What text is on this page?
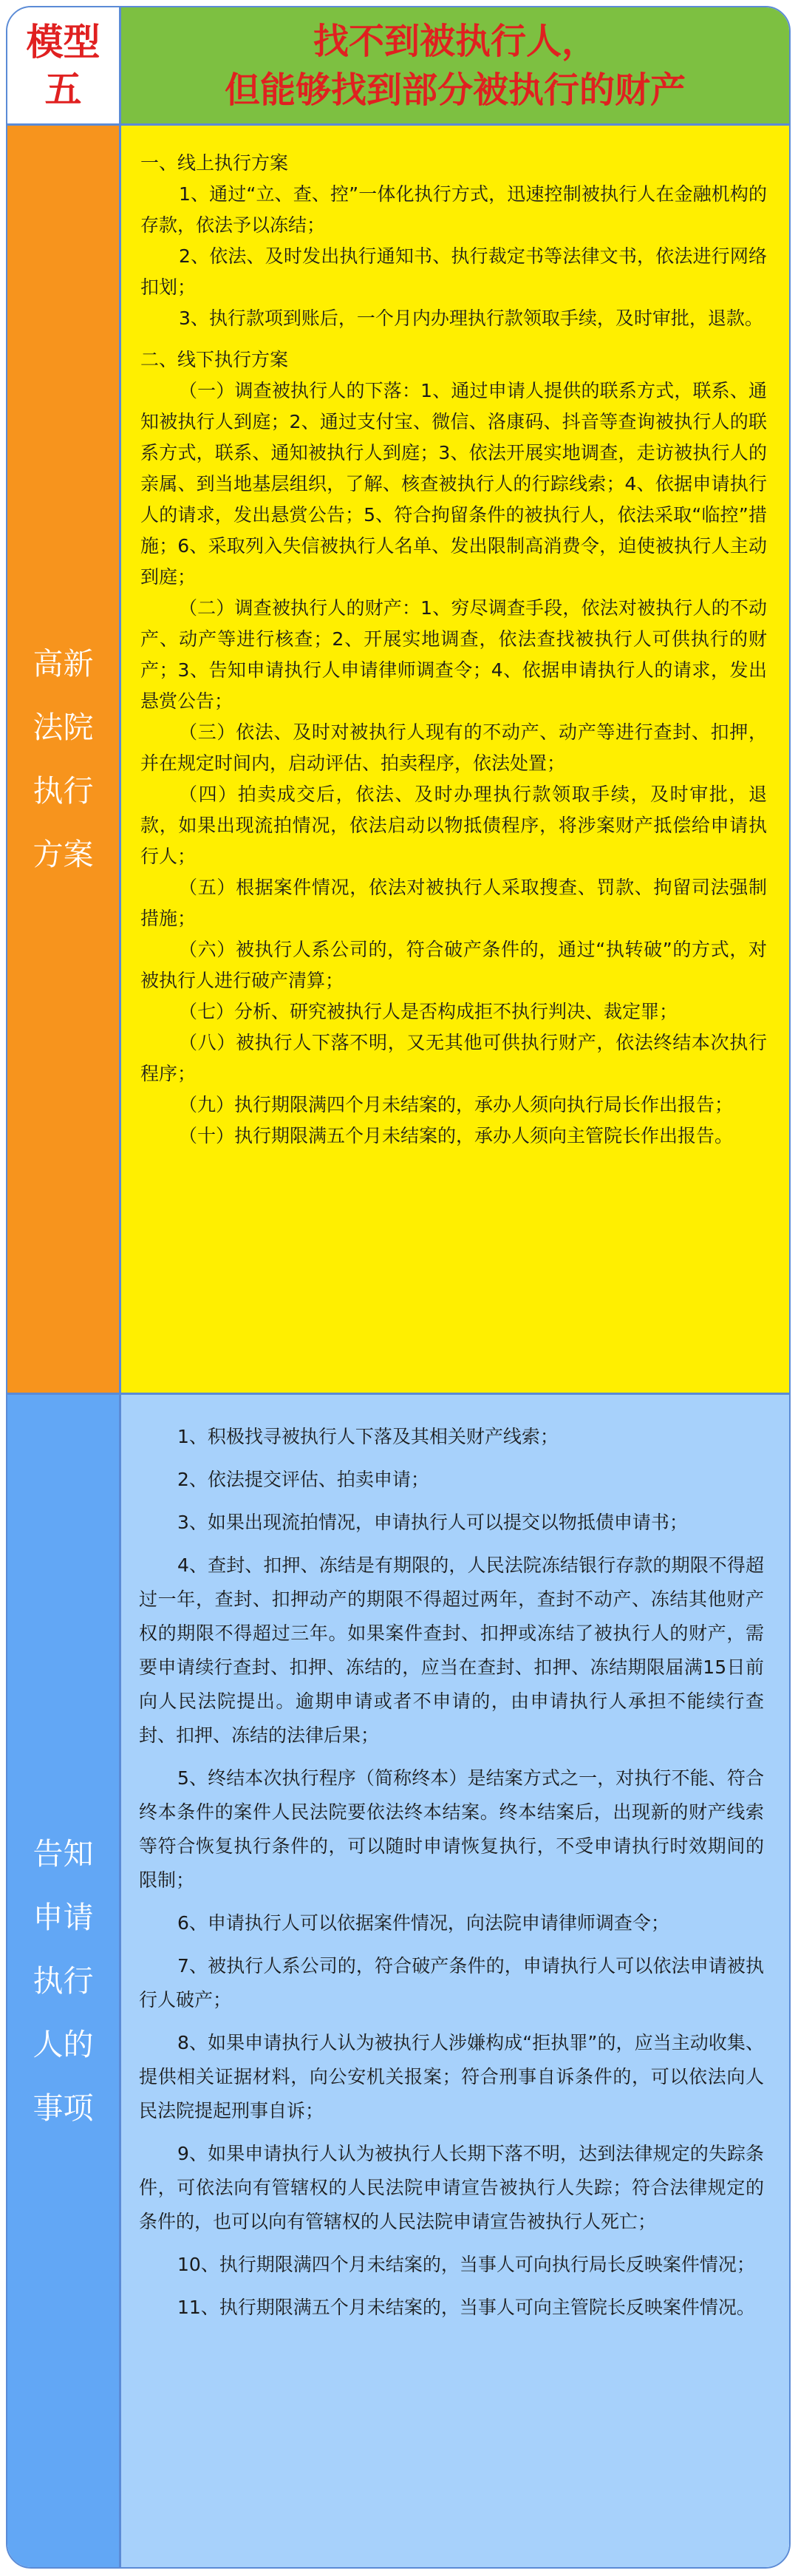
模型
五
找不到被执行人，
但能够找到部分被执行的财产
高新
法院
执行
方案

一、线上执行方案

1、通过“立、查、控”一体化执行方式，迅速控制被执行人在金融机构的存款，依法予以冻结；

2、依法、及时发出执行通知书、执行裁定书等法律文书，依法进行网络扣划；

3、执行款项到账后，一个月内办理执行款领取手续，及时审批，退款。

二、线下执行方案

（一）调查被执行人的下落：1、通过申请人提供的联系方式，联系、通知被执行人到庭；2、通过支付宝、微信、洛康码、抖音等查询被执行人的联系方式，联系、通知被执行人到庭；3、依法开展实地调查，走访被执行人的亲属、到当地基层组织，了解、核查被执行人的行踪线索；4、依据申请执行人的请求，发出悬赏公告；5、符合拘留条件的被执行人，依法采取“临控”措施；6、采取列入失信被执行人名单、发出限制高消费令，迫使被执行人主动到庭；

（二）调查被执行人的财产：1、穷尽调查手段，依法对被执行人的不动产、动产等进行核查；2、开展实地调查，依法查找被执行人可供执行的财产；3、告知申请执行人申请律师调查令；4、依据申请执行人的请求，发出悬赏公告；

（三）依法、及时对被执行人现有的不动产、动产等进行查封、扣押，并在规定时间内，启动评估、拍卖程序，依法处置；

（四）拍卖成交后，依法、及时办理执行款领取手续，及时审批，退款，如果出现流拍情况，依法启动以物抵债程序，将涉案财产抵偿给申请执行人；

（五）根据案件情况，依法对被执行人采取搜查、罚款、拘留司法强制措施；

（六）被执行人系公司的，符合破产条件的，通过“执转破”的方式，对被执行人进行破产清算；

（七）分析、研究被执行人是否构成拒不执行判决、裁定罪；

（八）被执行人下落不明，又无其他可供执行财产，依法终结本次执行程序；

（九）执行期限满四个月未结案的，承办人须向执行局长作出报告；

（十）执行期限满五个月未结案的，承办人须向主管院长作出报告。

告知
申请
执行
人的
事项

1、积极找寻被执行人下落及其相关财产线索；

2、依法提交评估、拍卖申请；

3、如果出现流拍情况，申请执行人可以提交以物抵债申请书；

4、查封、扣押、冻结是有期限的，人民法院冻结银行存款的期限不得超过一年，查封、扣押动产的期限不得超过两年，查封不动产、冻结其他财产权的期限不得超过三年。如果案件查封、扣押或冻结了被执行人的财产，需要申请续行查封、扣押、冻结的，应当在查封、扣押、冻结期限届满15日前向人民法院提出。逾期申请或者不申请的，由申请执行人承担不能续行查封、扣押、冻结的法律后果；

5、终结本次执行程序（简称终本）是结案方式之一，对执行不能、符合终本条件的案件人民法院要依法终本结案。终本结案后，出现新的财产线索等符合恢复执行条件的，可以随时申请恢复执行，不受申请执行时效期间的限制；

6、申请执行人可以依据案件情况，向法院申请律师调查令；

7、被执行人系公司的，符合破产条件的，申请执行人可以依法申请被执行人破产；

8、如果申请执行人认为被执行人涉嫌构成“拒执罪”的，应当主动收集、提供相关证据材料，向公安机关报案；符合刑事自诉条件的，可以依法向人民法院提起刑事自诉；

9、如果申请执行人认为被执行人长期下落不明，达到法律规定的失踪条件，可依法向有管辖权的人民法院申请宣告被执行人失踪；符合法律规定的条件的，也可以向有管辖权的人民法院申请宣告被执行人死亡；

10、执行期限满四个月未结案的，当事人可向执行局长反映案件情况；

11、执行期限满五个月未结案的，当事人可向主管院长反映案件情况。
